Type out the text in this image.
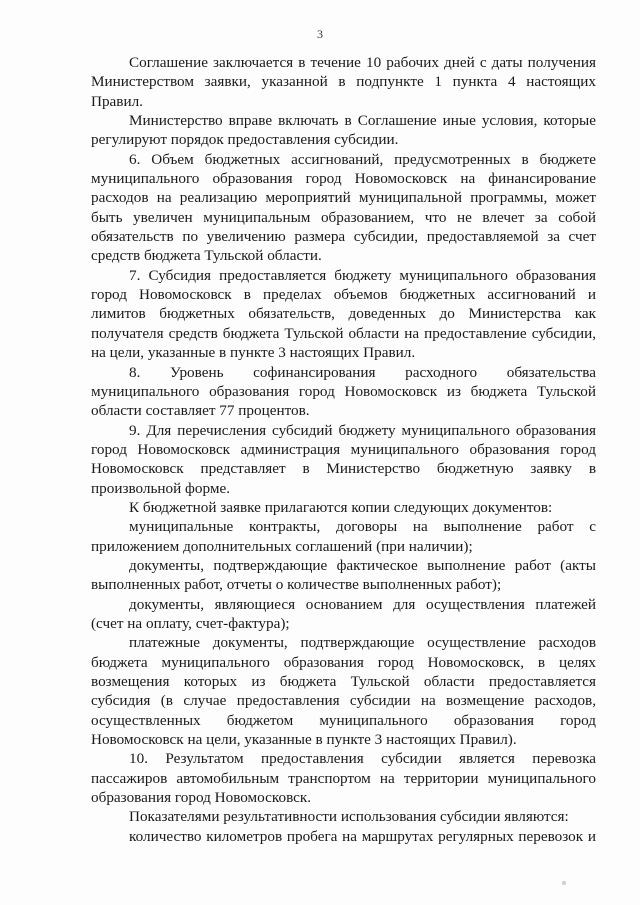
3

Соглашение заключается в течение 10 рабочих дней с даты получения Министерством заявки, указанной в подпункте 1 пункта 4 настоящих Правил.

Министерство вправе включать в Соглашение иные условия, которые регулируют порядок предоставления субсидии.

6. Объем бюджетных ассигнований, предусмотренных в бюджете муниципального образования город Новомосковск на финансирование расходов на реализацию мероприятий муниципальной программы, может быть увеличен муниципальным образованием, что не влечет за собой обязательств по увеличению размера субсидии, предоставляемой за счет средств бюджета Тульской области.

7. Субсидия предоставляется бюджету муниципального образования город Новомосковск в пределах объемов бюджетных ассигнований и лимитов бюджетных обязательств, доведенных до Министерства как получателя средств бюджета Тульской области на предоставление субсидии, на цели, указанные в пункте 3 настоящих Правил.

8. Уровень софинансирования расходного обязательства муниципального образования город Новомосковск из бюджета Тульской области составляет 77 процентов.

9. Для перечисления субсидий бюджету муниципального образования город Новомосковск администрация муниципального образования город Новомосковск представляет в Министерство бюджетную заявку в произвольной форме.

К бюджетной заявке прилагаются копии следующих документов:

муниципальные контракты, договоры на выполнение работ с приложением дополнительных соглашений (при наличии);

документы, подтверждающие фактическое выполнение работ (акты выполненных работ, отчеты о количестве выполненных работ);

документы, являющиеся основанием для осуществления платежей (счет на оплату, счет-фактура);

платежные документы, подтверждающие осуществление расходов бюджета муниципального образования город Новомосковск, в целях возмещения которых из бюджета Тульской области предоставляется субсидия (в случае предоставления субсидии на возмещение расходов, осуществленных бюджетом муниципального образования город Новомосковск на цели, указанные в пункте 3 настоящих Правил).

10. Результатом предоставления субсидии является перевозка пассажиров автомобильным транспортом на территории муниципального образования город Новомосковск.

Показателями результативности использования субсидии являются:

количество километров пробега на маршрутах регулярных перевозок и
